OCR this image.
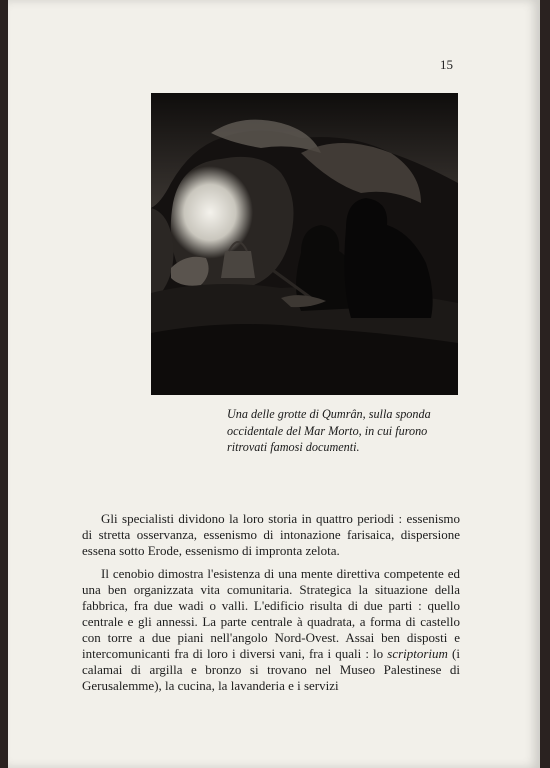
15
Una delle grotte di Qumrân, sulla sponda occidentale del Mar Morto, in cui furono ritrovati famosi documenti.

Gli specialisti dividono la loro storia in quattro periodi : essenismo di stretta osservanza, essenismo di intonazione farisaica, dispersione essena sotto Erode, essenismo di impronta zelota.

Il cenobio dimostra l'esistenza di una mente direttiva competente ed una ben organizzata vita comunitaria. Strategica la situazione della fabbrica, fra due wadi o valli. L'edificio risulta di due parti : quello centrale e gli annessi. La parte centrale à quadrata, a forma di castello con torre a due piani nell'angolo Nord-Ovest. Assai ben disposti e intercomunicanti fra di loro i diversi vani, fra i quali : lo scriptorium (i calamai di argilla e bronzo si trovano nel Museo Palestinese di Gerusalemme), la cucina, la lavanderia e i servizi
